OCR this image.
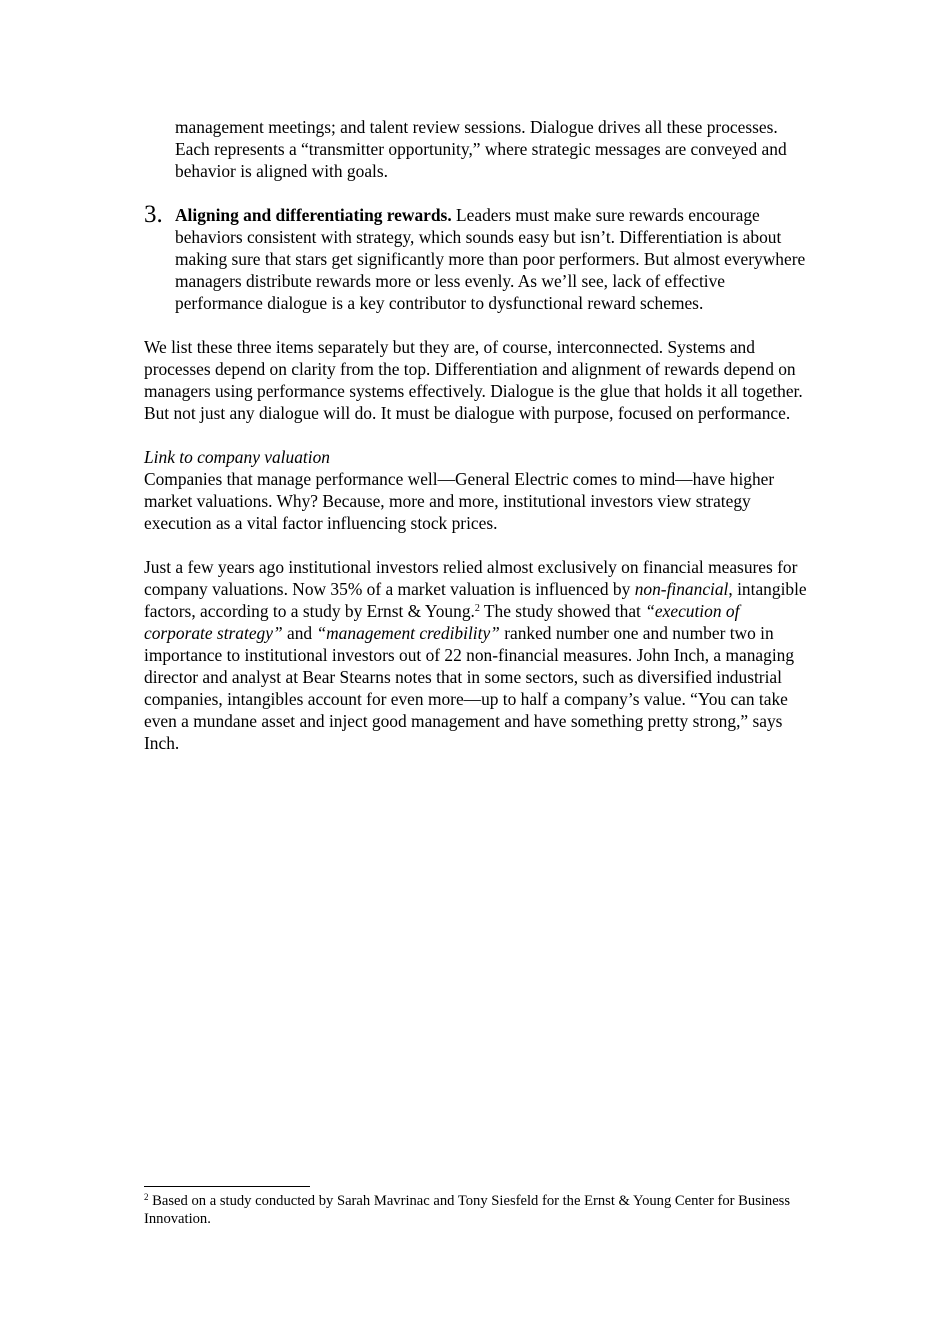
management meetings; and talent review sessions. Dialogue drives all these processes. Each represents a “transmitter opportunity,” where strategic messages are conveyed and behavior is aligned with goals.

3. Aligning and differentiating rewards. Leaders must make sure rewards encourage behaviors consistent with strategy, which sounds easy but isn’t. Differentiation is about making sure that stars get significantly more than poor performers. But almost everywhere managers distribute rewards more or less evenly. As we’ll see, lack of effective performance dialogue is a key contributor to dysfunctional reward schemes.

We list these three items separately but they are, of course, interconnected. Systems and processes depend on clarity from the top. Differentiation and alignment of rewards depend on managers using performance systems effectively. Dialogue is the glue that holds it all together. But not just any dialogue will do. It must be dialogue with purpose, focused on performance.

Link to company valuation

Companies that manage performance well—General Electric comes to mind—have higher market valuations. Why? Because, more and more, institutional investors view strategy execution as a vital factor influencing stock prices.

Just a few years ago institutional investors relied almost exclusively on financial measures for company valuations. Now 35% of a market valuation is influenced by non-financial, intangible factors, according to a study by Ernst & Young.$^2$ The study showed that “execution of corporate strategy” and “management credibility” ranked number one and number two in importance to institutional investors out of 22 non-financial measures. John Inch, a managing director and analyst at Bear Stearns notes that in some sectors, such as diversified industrial companies, intangibles account for even more—up to half a company’s value. “You can take even a mundane asset and inject good management and have something pretty strong,” says Inch.

$^2$ Based on a study conducted by Sarah Mavrinac and Tony Siesfeld for the Ernst & Young Center for Business Innovation.
